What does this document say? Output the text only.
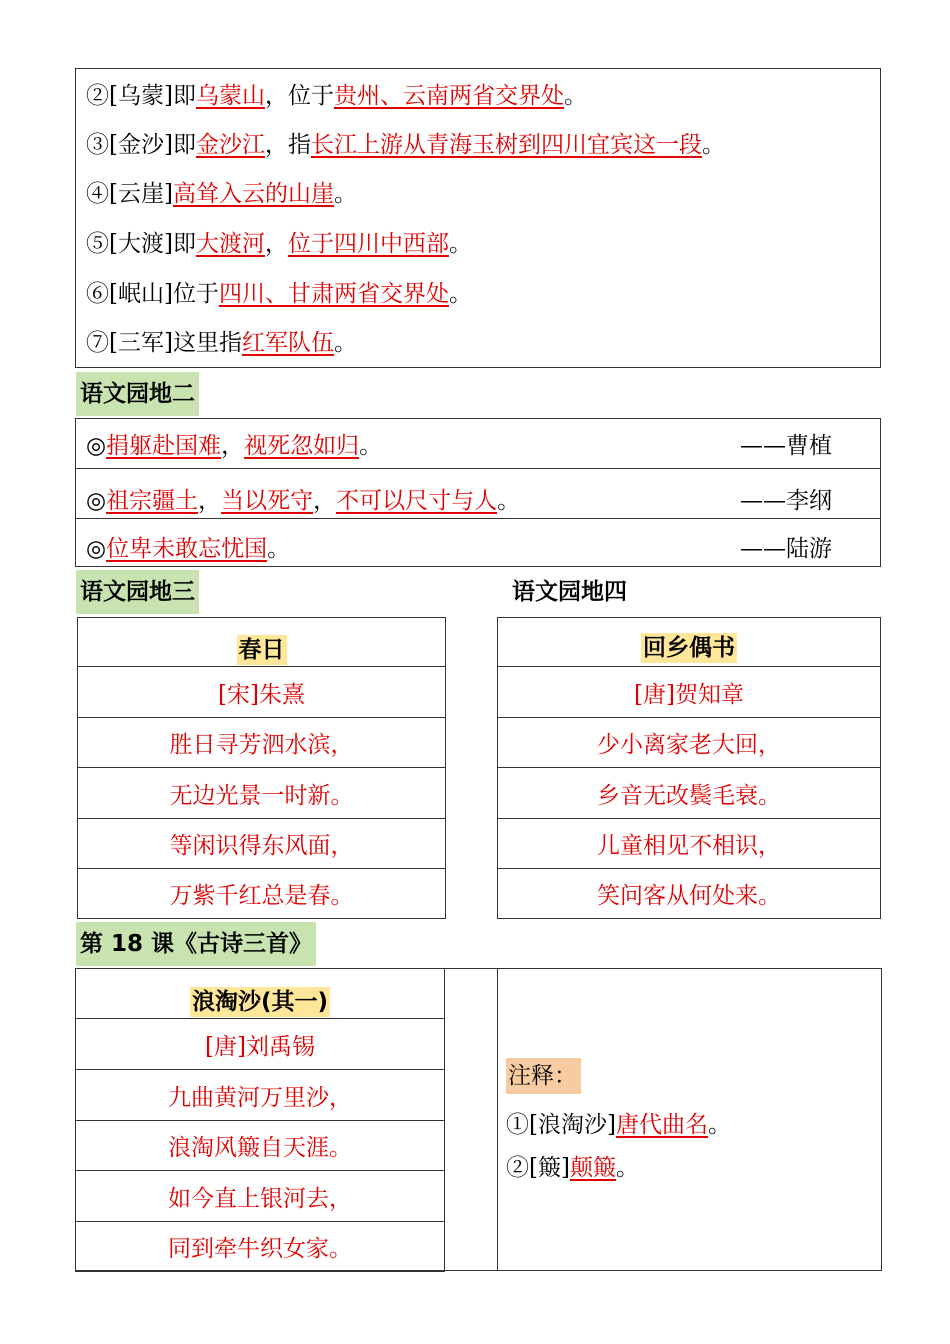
②[乌蒙]即乌蒙山，位于贵州、云南两省交界处。
③[金沙]即金沙江，指长江上游从青海玉树到四川宜宾这一段。
④[云崖]高耸入云的山崖。
⑤[大渡]即大渡河，位于四川中西部。
⑥[岷山]位于四川、甘肃两省交界处。
⑦[三军]这里指红军队伍。
语文园地二
◎捐躯赴国难，视死忽如归。	——曹植
◎祖宗疆土，当以死守，不可以尺寸与人。	——李纲
◎位卑未敢忘忧国。	——陆游
语文园地三	语文园地四
春日
[宋]朱熹
胜日寻芳泗水滨，
无边光景一时新。
等闲识得东风面，
万紫千红总是春。
回乡偶书
[唐]贺知章
少小离家老大回，
乡音无改鬓毛衰。
儿童相见不相识，
笑问客从何处来。
第 18 课《古诗三首》
浪淘沙(其一)
[唐]刘禹锡
九曲黄河万里沙，
浪淘风簸自天涯。
如今直上银河去，
同到牵牛织女家。
注释：
①[浪淘沙]唐代曲名。
②[簸]颠簸。
